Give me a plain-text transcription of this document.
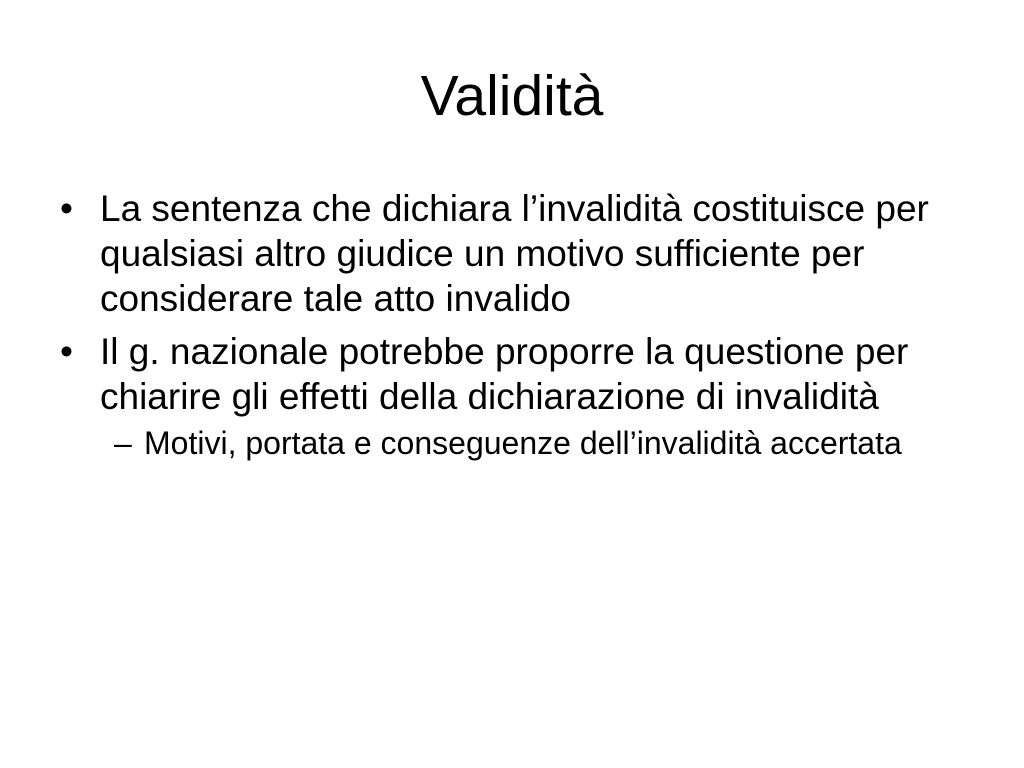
Validità
• La sentenza che dichiara l’invalidità costituisce per qualsiasi altro giudice un motivo sufficiente per considerare tale atto invalido
• Il g. nazionale potrebbe proporre la questione per chiarire gli effetti della dichiarazione di invalidità
– Motivi, portata e conseguenze dell’invalidità accertata
